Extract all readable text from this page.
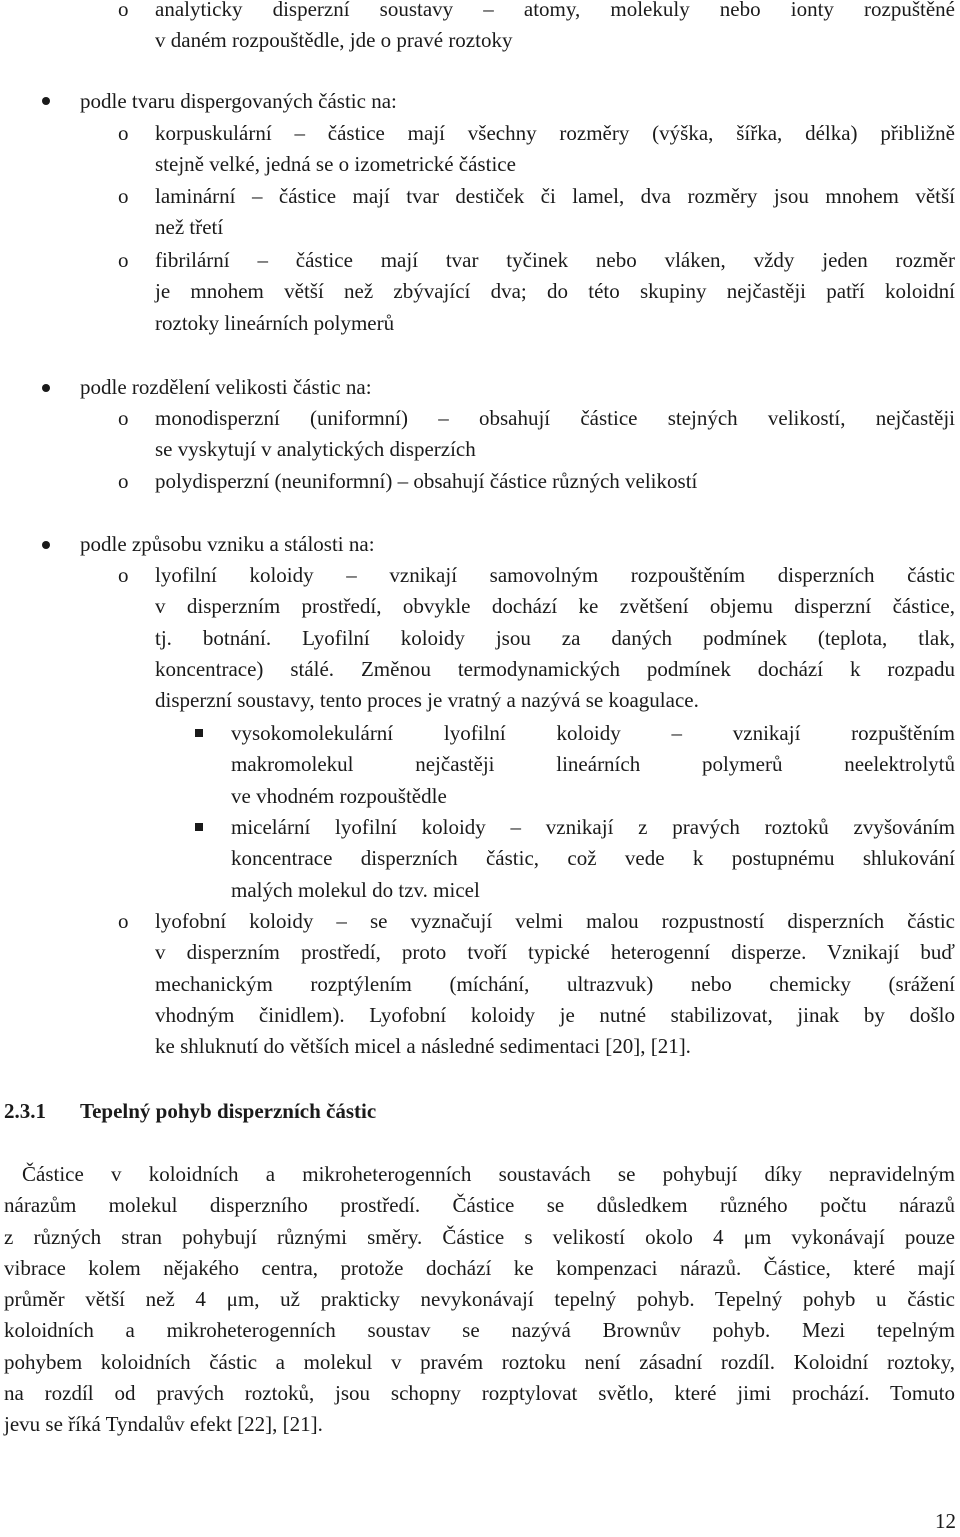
o analyticky disperzní soustavy – atomy, molekuly nebo ionty rozpuštěné
v daném rozpouštědle, jde o pravé roztoky
podle tvaru dispergovaných částic na:
o korpuskulární – částice mají všechny rozměry (výška, šířka, délka) přibližně
stejně velké, jedná se o izometrické částice
o laminární – částice mají tvar destiček či lamel, dva rozměry jsou mnohem větší
než třetí
o fibrilární – částice mají tvar tyčinek nebo vláken, vždy jeden rozměr
je mnohem větší než zbývající dva; do této skupiny nejčastěji patří koloidní
roztoky lineárních polymerů
podle rozdělení velikosti částic na:
o monodisperzní (uniformní) – obsahují částice stejných velikostí, nejčastěji
se vyskytují v analytických disperzích
o polydisperzní (neuniformní) – obsahují částice různých velikostí
podle způsobu vzniku a stálosti na:
o lyofilní koloidy – vznikají samovolným rozpouštěním disperzních částic
v disperzním prostředí, obvykle dochází ke zvětšení objemu disperzní částice,
tj. botnání. Lyofilní koloidy jsou za daných podmínek (teplota, tlak,
koncentrace) stálé. Změnou termodynamických podmínek dochází k rozpadu
disperzní soustavy, tento proces je vratný a nazývá se koagulace.
vysokomolekulární lyofilní koloidy – vznikají rozpuštěním
makromolekul nejčastěji lineárních polymerů neelektrolytů
ve vhodném rozpouštědle
micelární lyofilní koloidy – vznikají z pravých roztoků zvyšováním
koncentrace disperzních částic, což vede k postupnému shlukování
malých molekul do tzv. micel
o lyofobní koloidy – se vyznačují velmi malou rozpustností disperzních částic
v disperzním prostředí, proto tvoří typické heterogenní disperze. Vznikají buď
mechanickým rozptýlením (míchání, ultrazvuk) nebo chemicky (srážení
vhodným činidlem). Lyofobní koloidy je nutné stabilizovat, jinak by došlo
ke shluknutí do větších micel a následné sedimentaci [20], [21].
2.3.1 Tepelný pohyb disperzních částic
Částice v koloidních a mikroheterogenních soustavách se pohybují díky nepravidelným
nárazům molekul disperzního prostředí. Částice se důsledkem různého počtu nárazů
z různých stran pohybují různými směry. Částice s velikostí okolo 4 μm vykonávají pouze
vibrace kolem nějakého centra, protože dochází ke kompenzaci nárazů. Částice, které mají
průměr větší než 4 μm, už prakticky nevykonávají tepelný pohyb. Tepelný pohyb u částic
koloidních a mikroheterogenních soustav se nazývá Brownův pohyb. Mezi tepelným
pohybem koloidních částic a molekul v pravém roztoku není zásadní rozdíl. Koloidní roztoky,
na rozdíl od pravých roztoků, jsou schopny rozptylovat světlo, které jimi prochází. Tomuto
jevu se říká Tyndalův efekt [22], [21].
12
